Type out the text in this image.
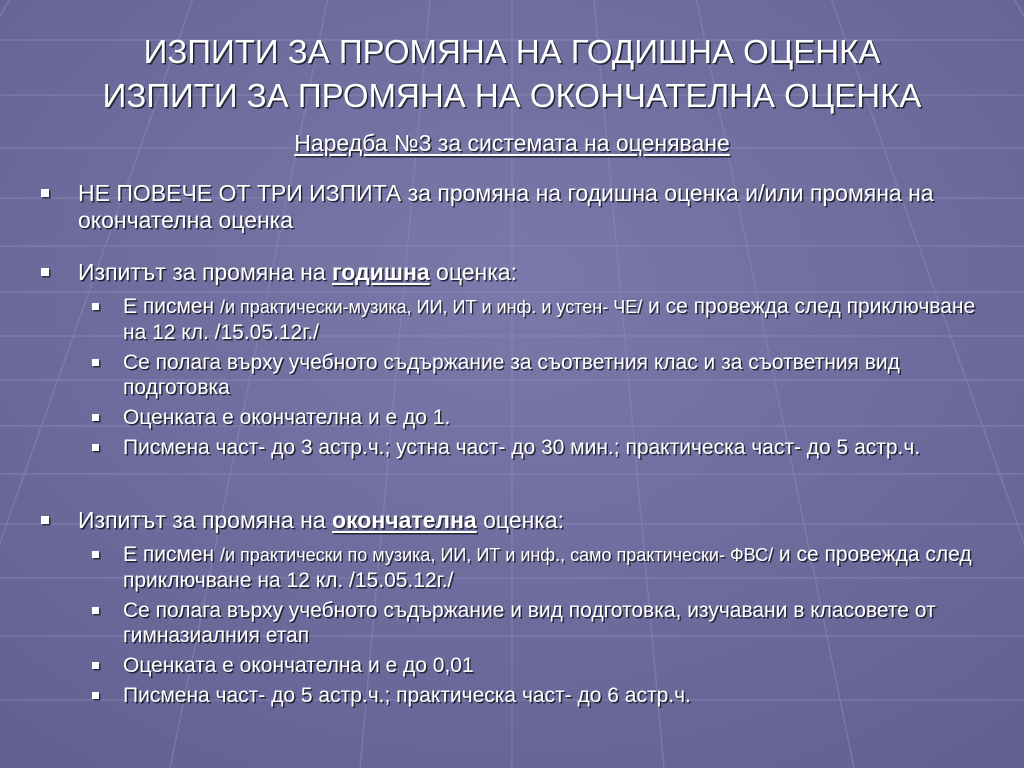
ИЗПИТИ ЗА ПРОМЯНА НА ГОДИШНА ОЦЕНКА
ИЗПИТИ ЗА ПРОМЯНА НА ОКОНЧАТЕЛНА ОЦЕНКА
Наредба №3 за системата на оценяване
НЕ ПОВЕЧЕ ОТ ТРИ ИЗПИТА за промяна на годишна оценка и/или промяна на окончателна оценка
Изпитът за промяна на годишна оценка:
Е писмен /и практически-музика, ИИ, ИТ и инф. и устен- ЧЕ/ и се провежда след приключване на 12 кл. /15.05.12г./
Се полага върху учебното съдържание за съответния клас и за съответния вид подготовка
Оценката е окончателна и е до 1.
Писмена част- до 3 астр.ч.; устна част- до 30 мин.; практическа част- до 5 астр.ч.
Изпитът за промяна на окончателна оценка:
Е писмен /и практически по музика, ИИ, ИТ и инф., само практически- ФВС/ и се провежда след приключване на 12 кл. /15.05.12г./
Се полага върху учебното съдържание и вид подготовка, изучавани в класовете от гимназиалния етап
Оценката е окончателна и е до 0,01
Писмена част- до 5 астр.ч.; практическа част- до 6 астр.ч.
